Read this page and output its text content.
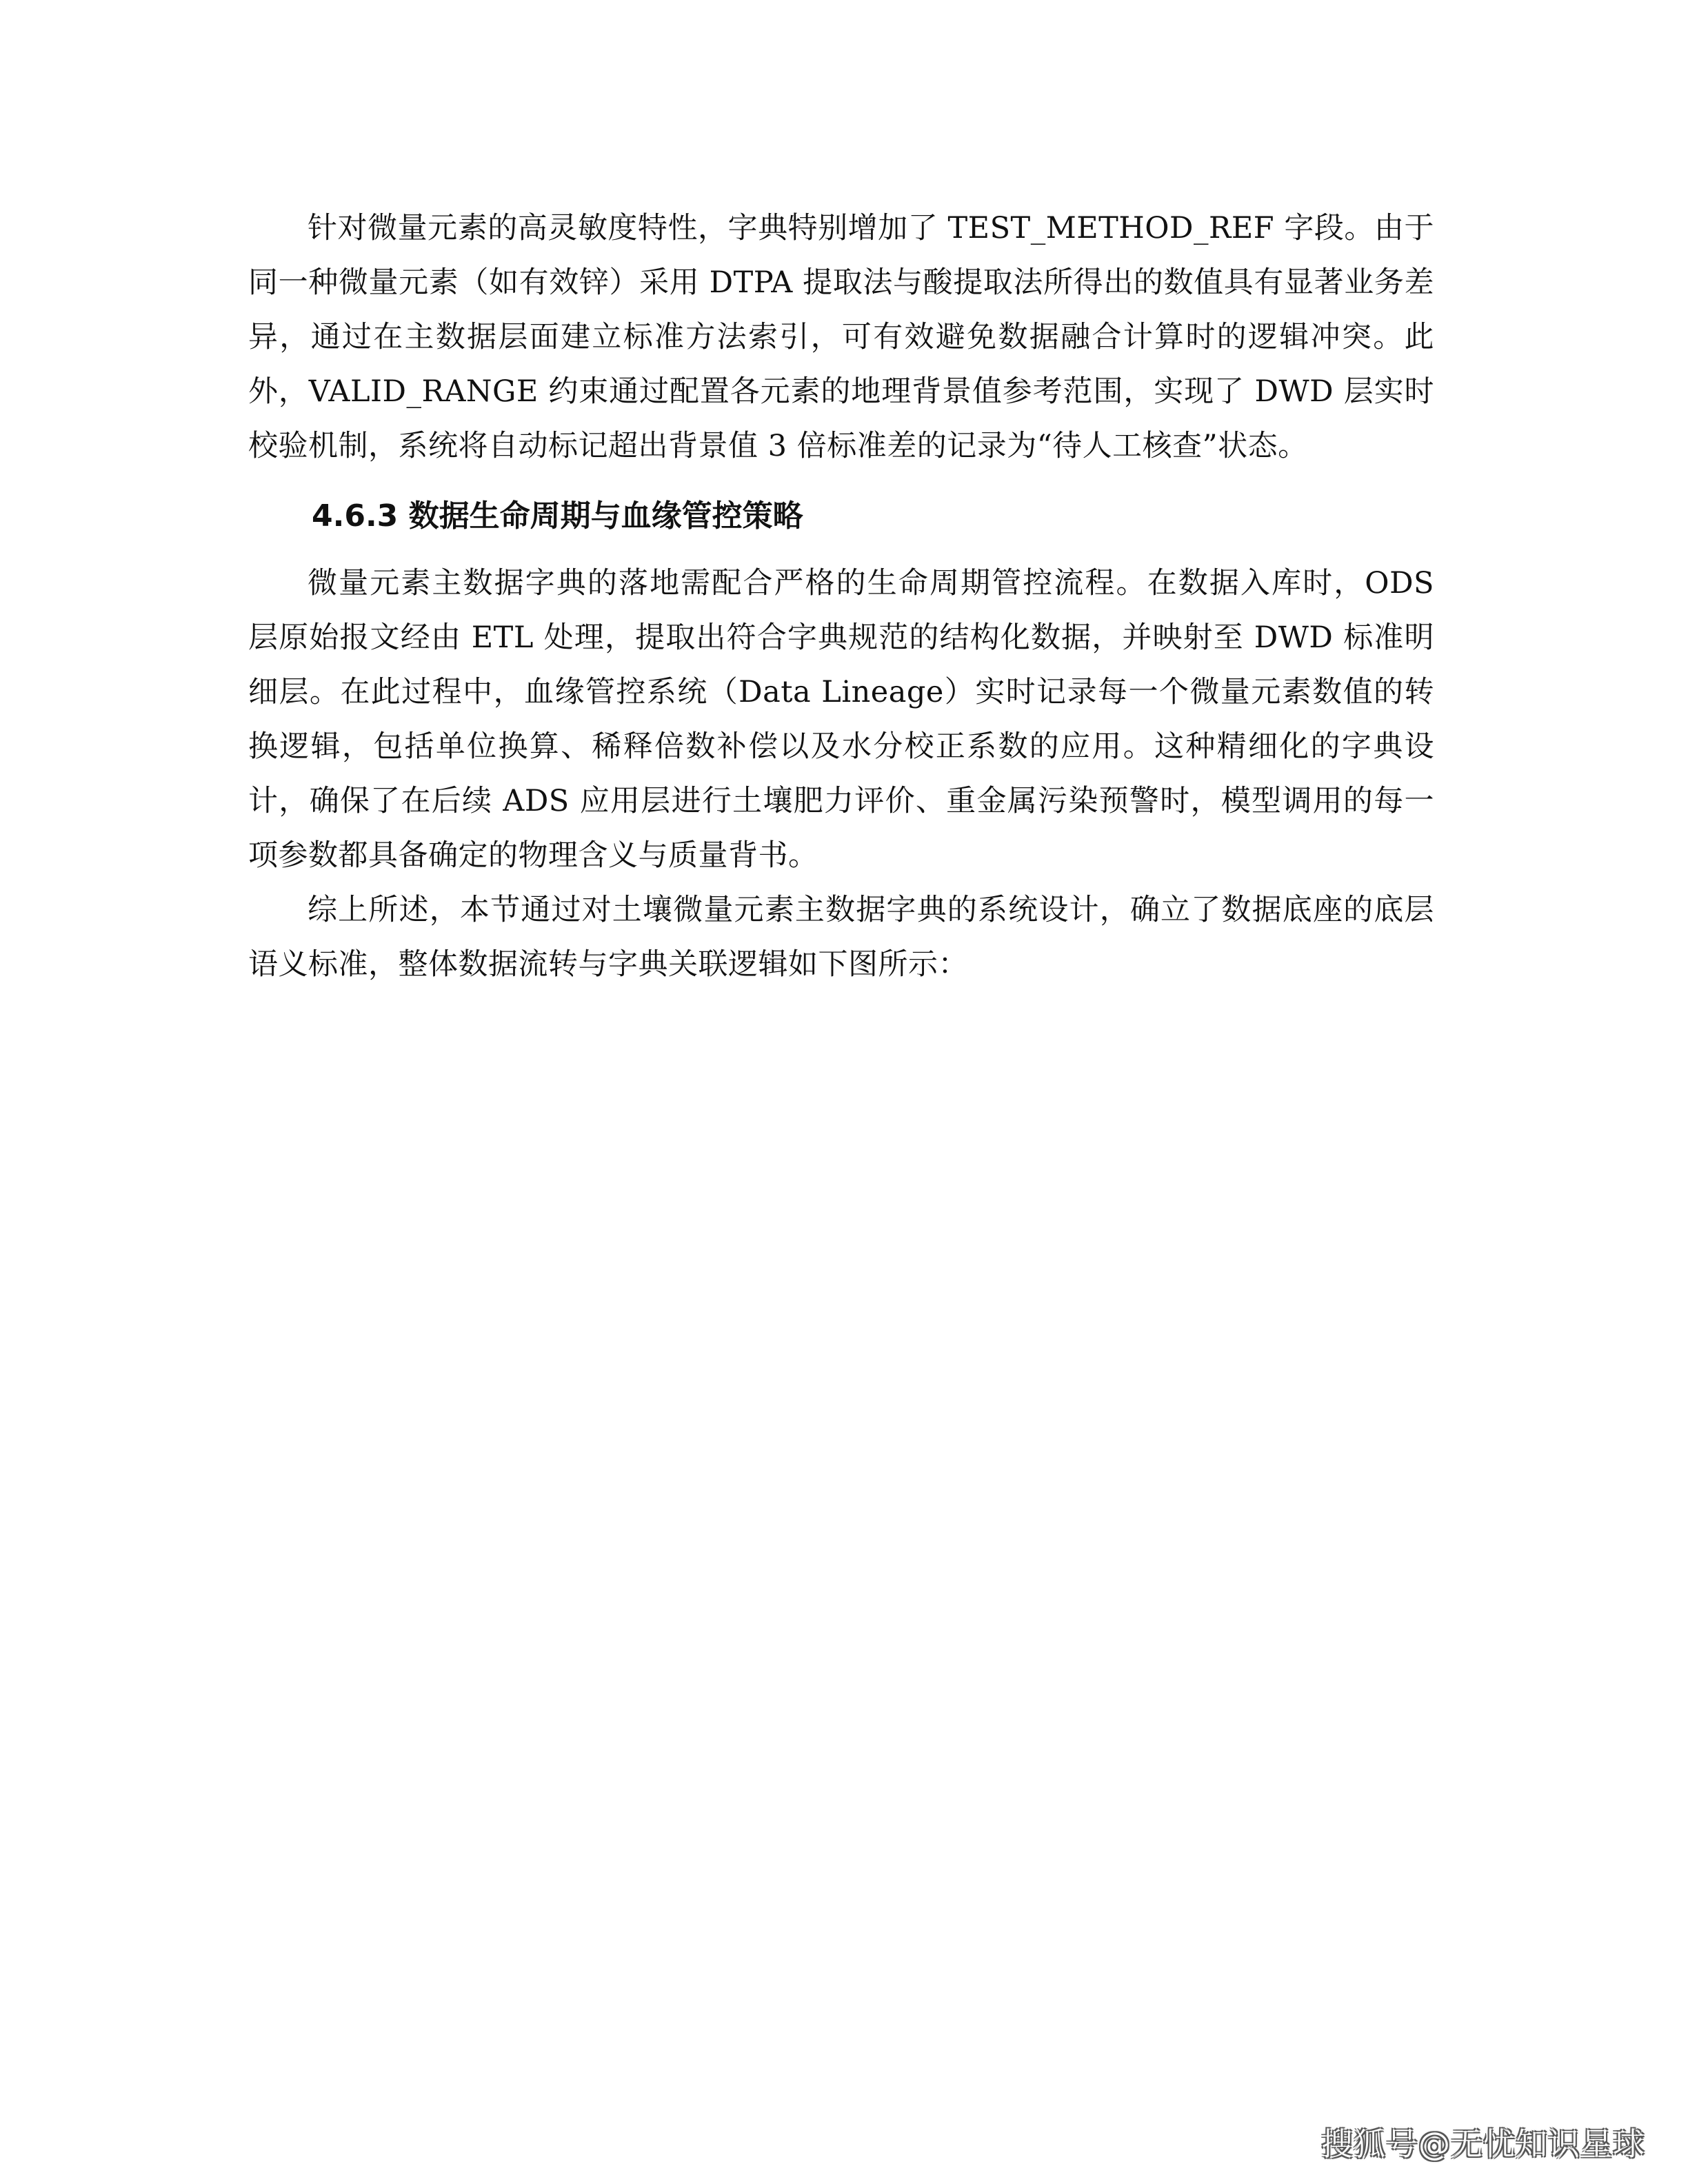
针对微量元素的高灵敏度特性，字典特别增加了 TEST_METHOD_REF 字段。由于同一种微量元素（如有效锌）采用 DTPA 提取法与酸提取法所得出的数值具有显著业务差异，通过在主数据层面建立标准方法索引，可有效避免数据融合计算时的逻辑冲突。此外，VALID_RANGE 约束通过配置各元素的地理背景值参考范围，实现了 DWD 层实时校验机制，系统将自动标记超出背景值 3 倍标准差的记录为“待人工核查”状态。

4.6.3 数据生命周期与血缘管控策略

微量元素主数据字典的落地需配合严格的生命周期管控流程。在数据入库时，ODS 层原始报文经由 ETL 处理，提取出符合字典规范的结构化数据，并映射至 DWD 标准明细层。在此过程中，血缘管控系统（Data Lineage）实时记录每一个微量元素数值的转换逻辑，包括单位换算、稀释倍数补偿以及水分校正系数的应用。这种精细化的字典设计，确保了在后续 ADS 应用层进行土壤肥力评价、重金属污染预警时，模型调用的每一项参数都具备确定的物理含义与质量背书。

综上所述，本节通过对土壤微量元素主数据字典的系统设计，确立了数据底座的底层语义标准，整体数据流转与字典关联逻辑如下图所示：

搜狐号@无忧知识星球
